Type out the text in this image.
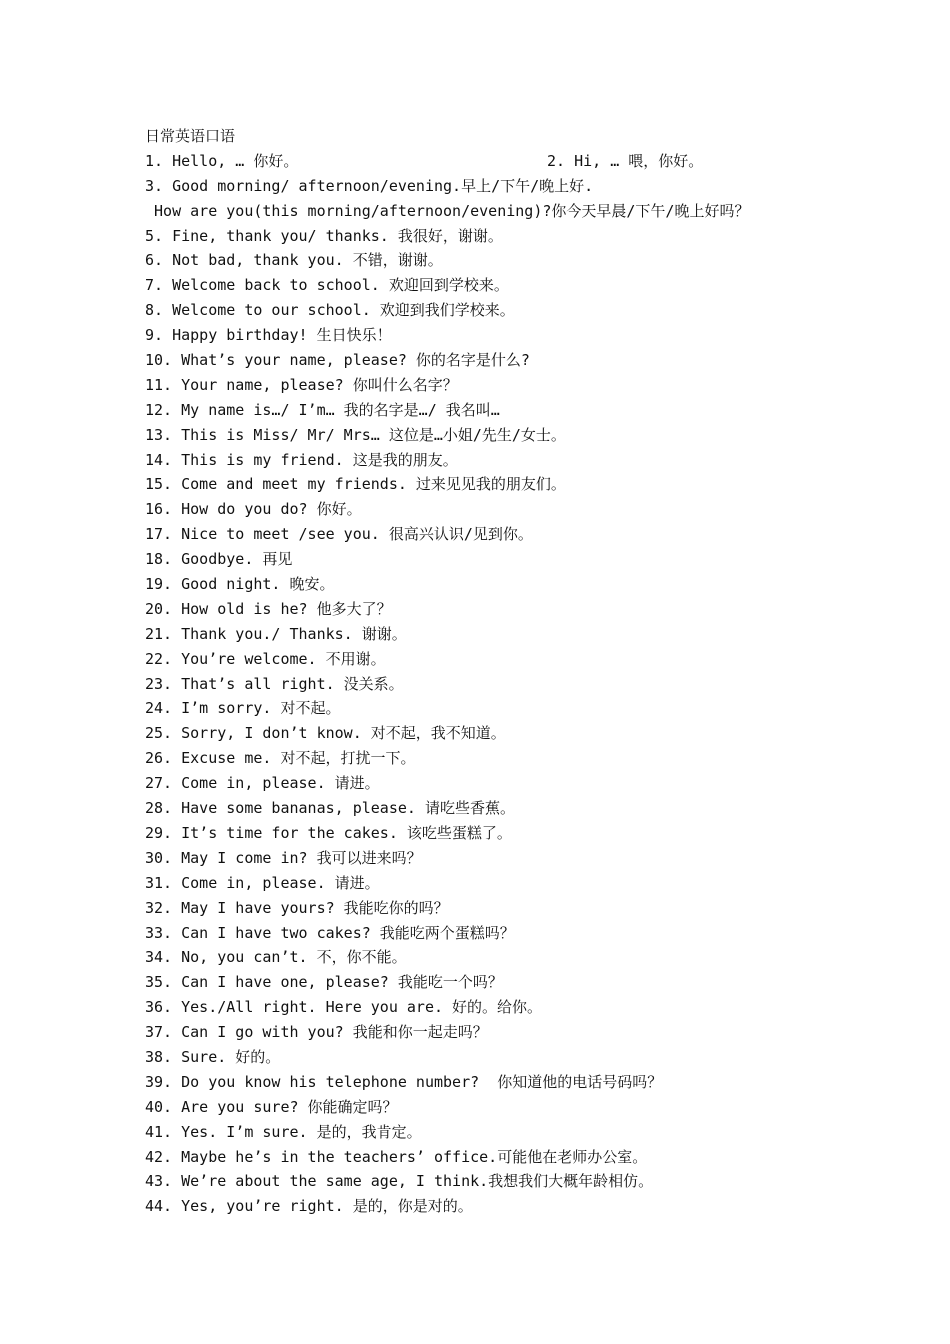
日常英语口语
1. Hello, … 你好。	2. Hi, … 喂，你好。
3. Good morning/ afternoon/evening.早上/下午/晚上好.
How are you(this morning/afternoon/evening)?你今天早晨/下午/晚上好吗？
5. Fine, thank you/ thanks. 我很好，谢谢。
6. Not bad, thank you. 不错，谢谢。
7. Welcome back to school. 欢迎回到学校来。
8. Welcome to our school. 欢迎到我们学校来。
9. Happy birthday! 生日快乐！
10. What’s your name, please? 你的名字是什么?
11. Your name, please? 你叫什么名字？
12. My name is…/ I’m… 我的名字是…/ 我名叫…
13. This is Miss/ Mr/ Mrs… 这位是…小姐/先生/女士。
14. This is my friend. 这是我的朋友。
15. Come and meet my friends. 过来见见我的朋友们。
16. How do you do? 你好。
17. Nice to meet /see you. 很高兴认识/见到你。
18. Goodbye. 再见
19. Good night. 晚安。
20. How old is he? 他多大了？
21. Thank you./ Thanks. 谢谢。
22. You’re welcome. 不用谢。
23. That’s all right. 没关系。
24. I’m sorry. 对不起。
25. Sorry, I don’t know. 对不起，我不知道。
26. Excuse me. 对不起，打扰一下。
27. Come in, please. 请进。
28. Have some bananas, please. 请吃些香蕉。
29. It’s time for the cakes. 该吃些蛋糕了。
30. May I come in? 我可以进来吗？
31. Come in, please. 请进。
32. May I have yours? 我能吃你的吗？
33. Can I have two cakes? 我能吃两个蛋糕吗？
34. No, you can’t. 不，你不能。
35. Can I have one, please? 我能吃一个吗？
36. Yes./All right. Here you are. 好的。给你。
37. Can I go with you? 我能和你一起走吗？
38. Sure. 好的。
39. Do you know his telephone number?  你知道他的电话号码吗？
40. Are you sure? 你能确定吗？
41. Yes. I’m sure. 是的，我肯定。
42. Maybe he’s in the teachers’ office.可能他在老师办公室。
43. We’re about the same age, I think.我想我们大概年龄相仿。
44. Yes, you’re right. 是的，你是对的。
